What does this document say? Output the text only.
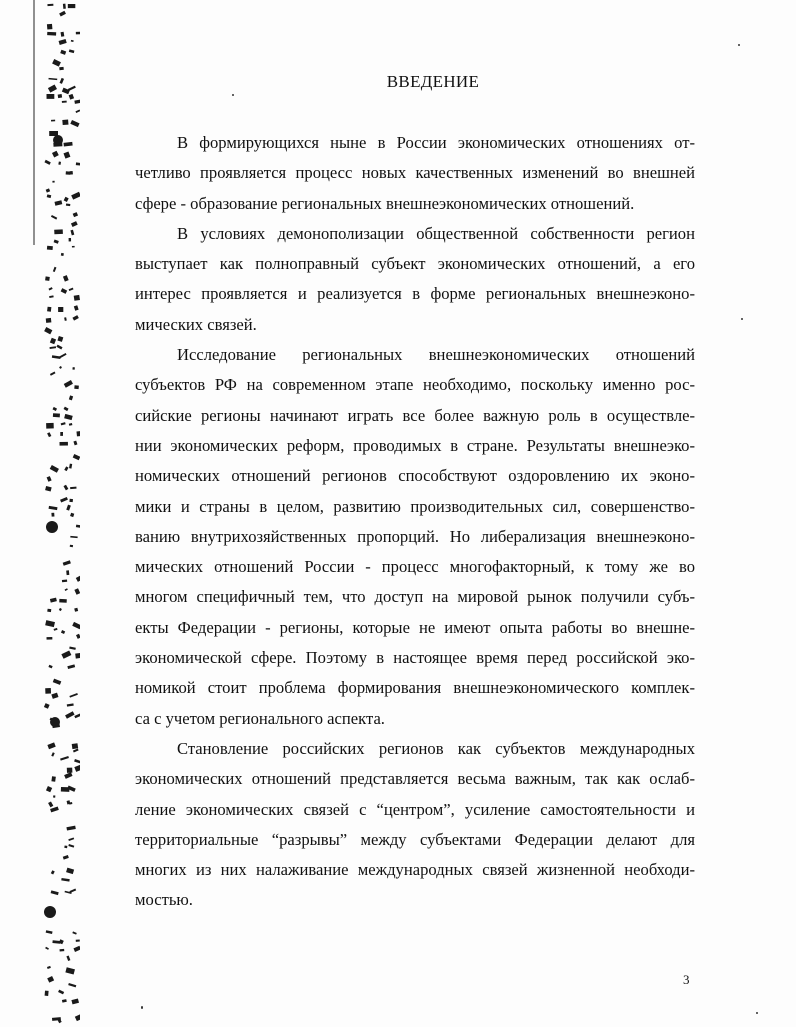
ВВЕДЕНИЕ
В формирующихся ныне в России экономических отношениях от-
четливо проявляется процесс новых качественных изменений во внешней
сфере - образование региональных внешнеэкономических отношений.
В условиях демонополизации общественной собственности регион
выступает как полноправный субъект экономических отношений, а его
интерес проявляется и реализуется в форме региональных внешнеэконо-
мических связей.
Исследование региональных внешнеэкономических отношений
субъектов РФ на современном этапе необходимо, поскольку именно рос-
сийские регионы начинают играть все более важную роль в осуществле-
нии экономических реформ, проводимых в стране. Результаты внешнеэко-
номических отношений регионов способствуют оздоровлению их эконо-
мики и страны в целом, развитию производительных сил, совершенство-
ванию внутрихозяйственных пропорций. Но либерализация внешнеэконо-
мических отношений России - процесс многофакторный, к тому же во
многом специфичный тем, что доступ на мировой рынок получили субъ-
екты Федерации - регионы, которые не имеют опыта работы во внешне-
экономической сфере. Поэтому в настоящее время перед российской эко-
номикой стоит проблема формирования внешнеэкономического комплек-
са с учетом регионального аспекта.
Становление российских регионов как субъектов международных
экономических отношений представляется весьма важным, так как ослаб-
ление экономических связей с “центром”, усиление самостоятельности и
территориальные “разрывы” между субъектами Федерации делают для
многих из них налаживание международных связей жизненной необходи-
мостью.
3
